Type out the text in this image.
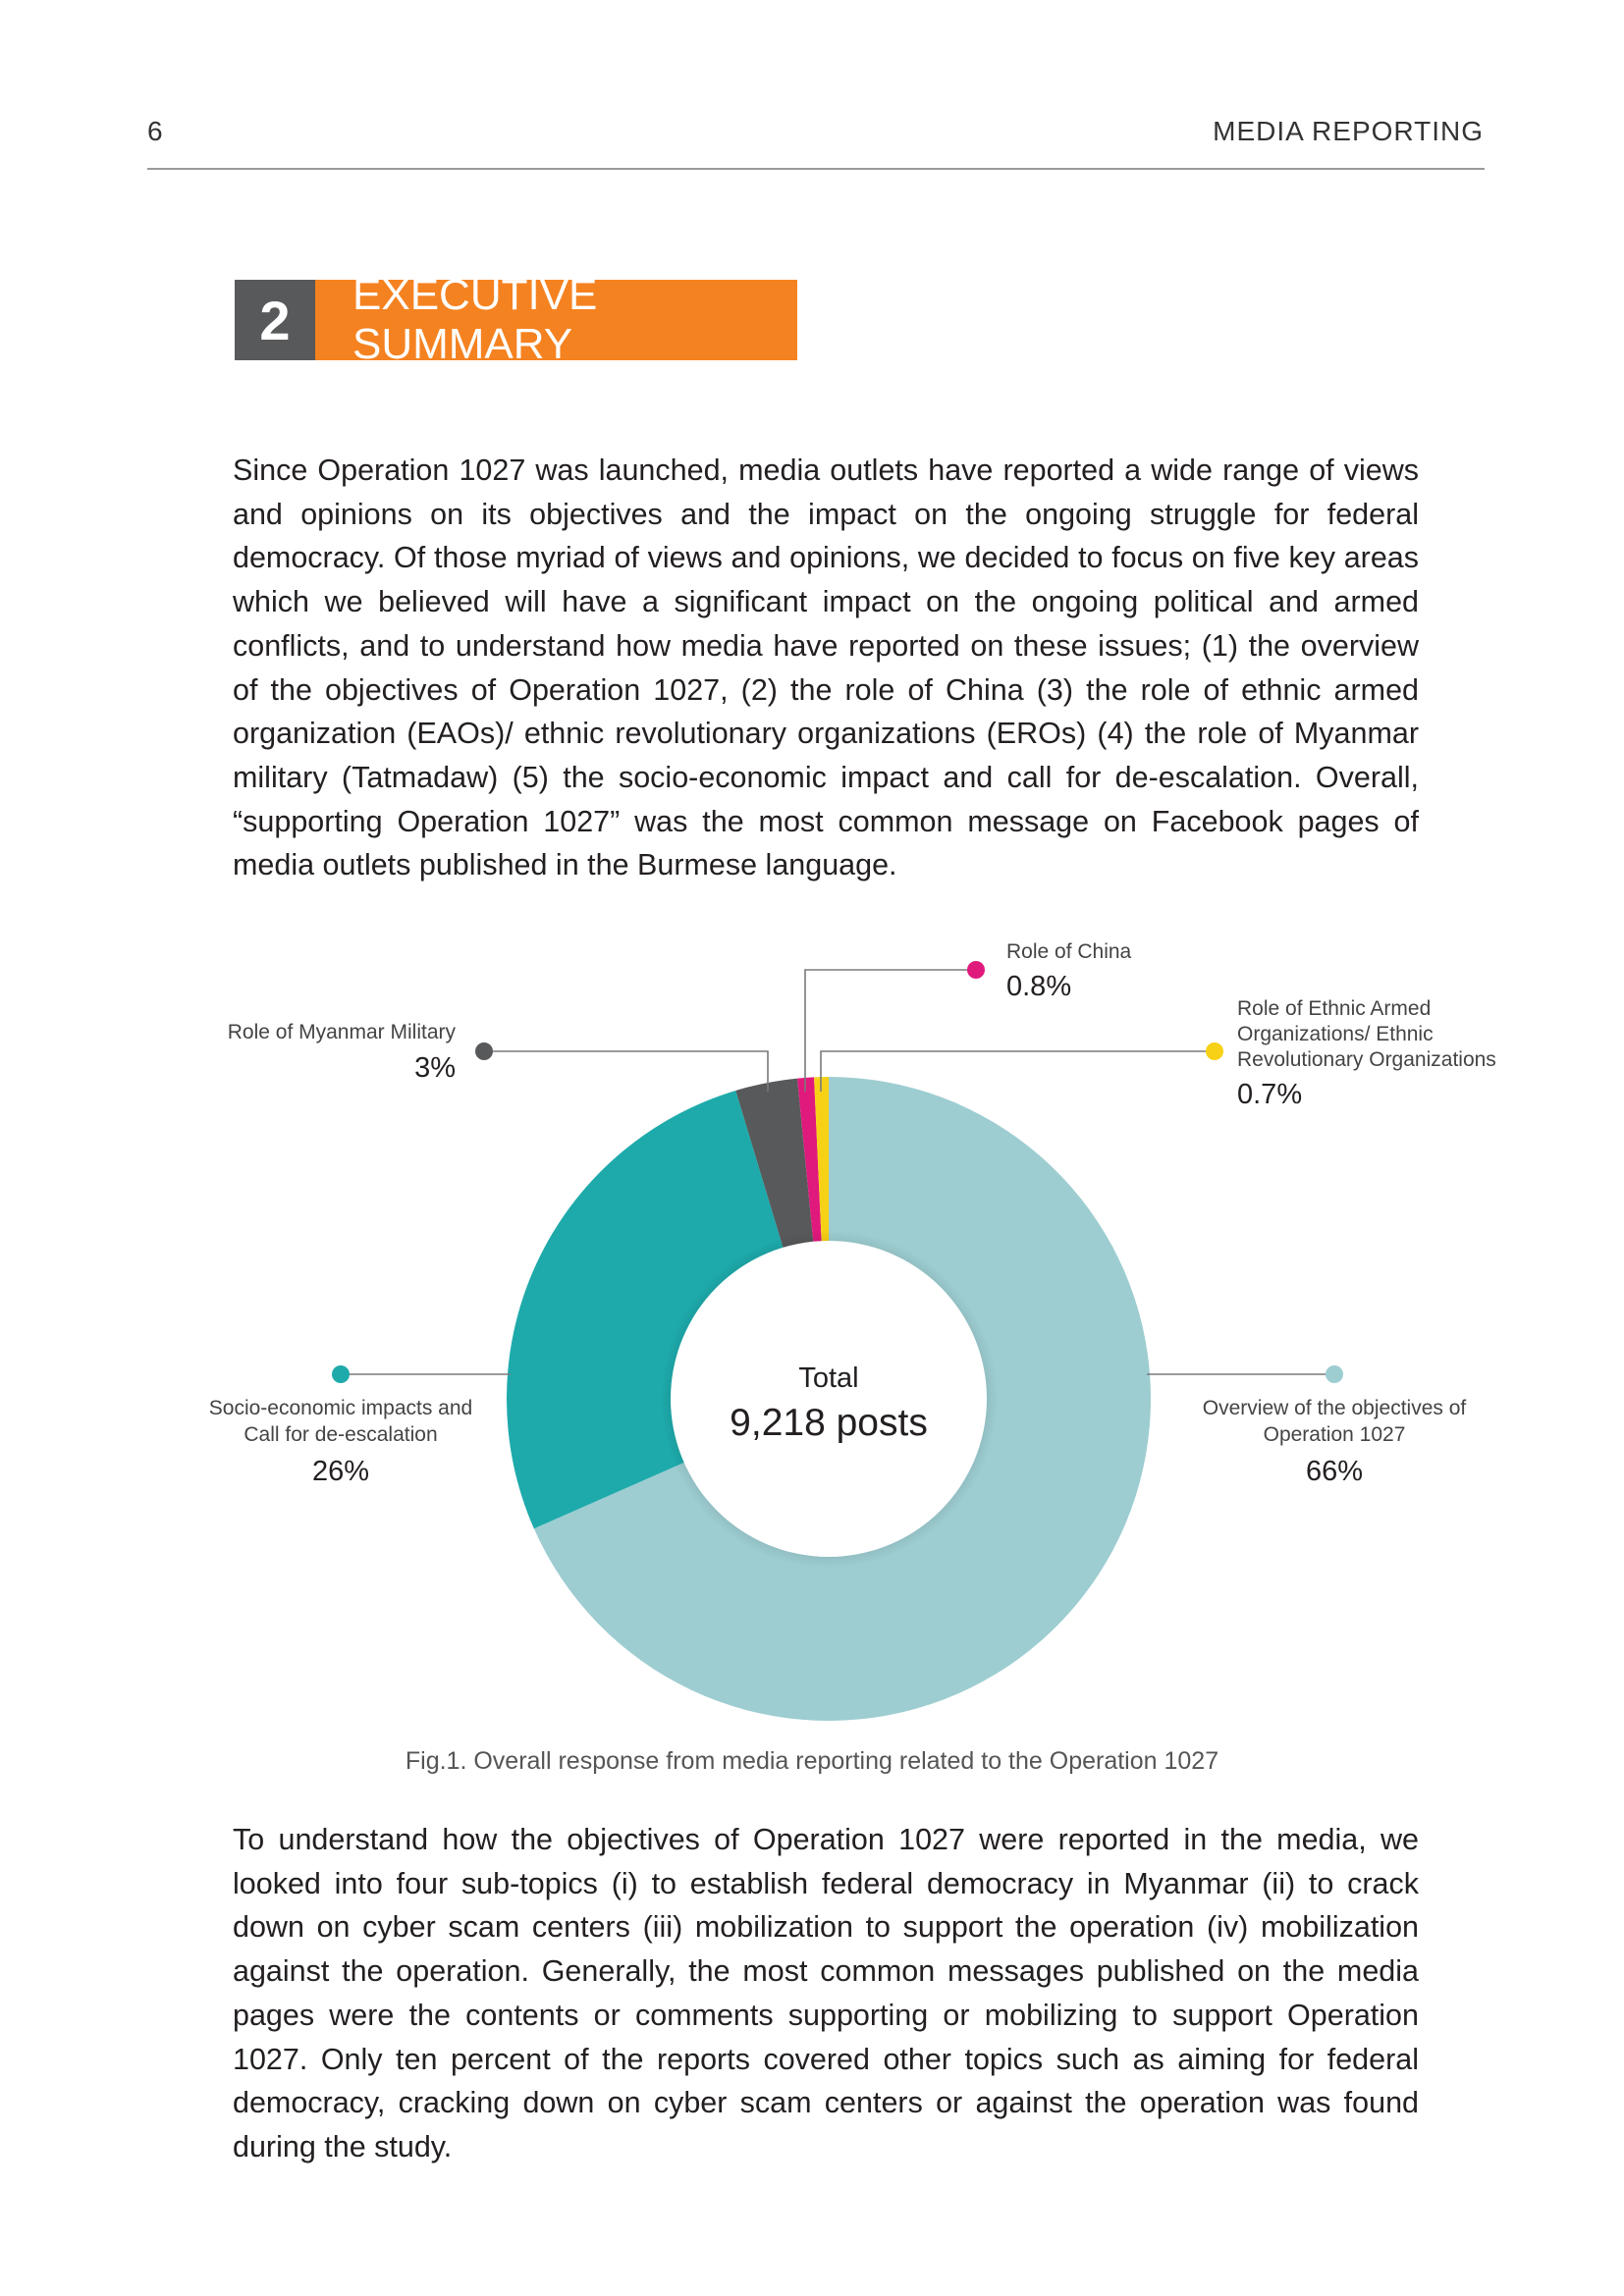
6	MEDIA REPORTING
2	EXECUTIVE SUMMARY

Since Operation 1027 was launched, media outlets have reported a wide range of views and opinions on its objectives and the impact on the ongoing struggle for federal democracy. Of those myriad of views and opinions, we decided to focus on five key areas which we believed will have a significant impact on the ongoing political and armed conflicts, and to understand how media have reported on these issues; (1) the overview of the objectives of Operation 1027, (2) the role of China (3) the role of ethnic armed organization (EAOs)/ ethnic revolutionary organizations (EROs) (4) the role of Myanmar military (Tatmadaw) (5) the socio-economic impact and call for de-escalation. Overall, “supporting Operation 1027” was the most common message on Facebook pages of media outlets published in the Burmese language.

Total
9,218 posts
Role of China
0.8%
Role of Ethnic Armed
Organizations/ Ethnic
Revolutionary Organizations
0.7%
Role of Myanmar Military
3%
Socio-economic impacts and
Call for de-escalation
26%
Overview of the objectives of
Operation 1027
66%
Fig.1. Overall response from media reporting related to the Operation 1027

To understand how the objectives of Operation 1027 were reported in the media, we looked into four sub-topics (i) to establish federal democracy in Myanmar (ii) to crack down on cyber scam centers (iii) mobilization to support the operation (iv) mobilization against the operation. Generally, the most common messages published on the media pages were the contents or comments supporting or mobilizing to support Operation 1027. Only ten percent of the reports covered other topics such as aiming for federal democracy, cracking down on cyber scam centers or against the operation was found during the study.
